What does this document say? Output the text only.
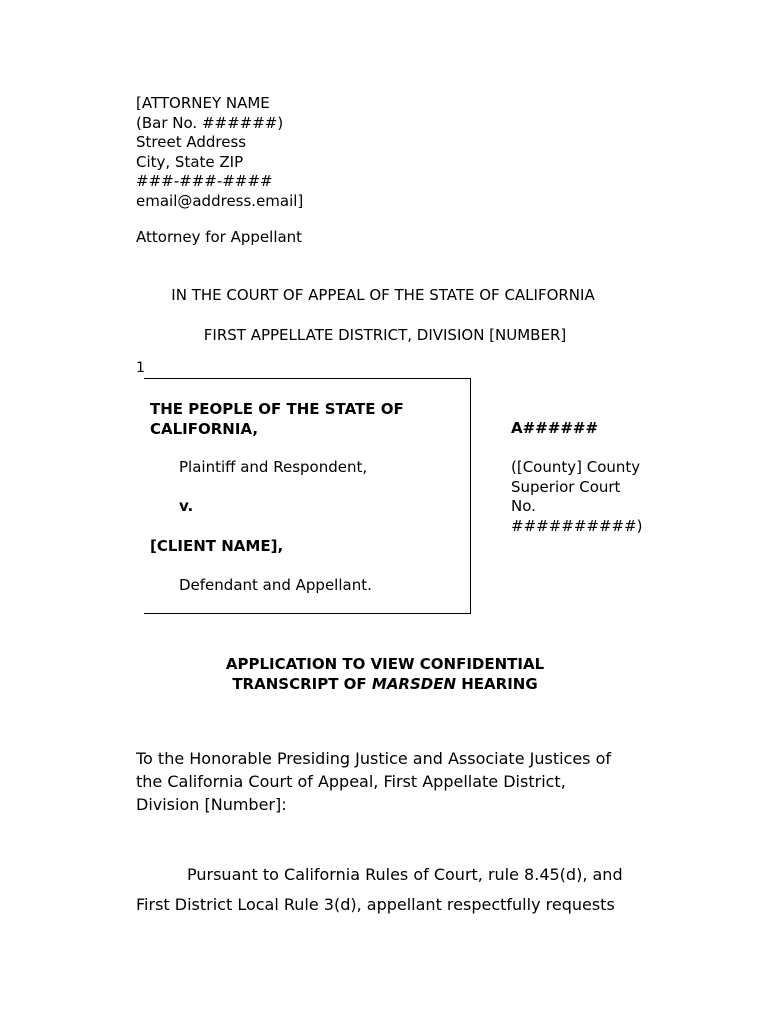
[ATTORNEY NAME
(Bar No. ######)
Street Address
City, State ZIP
###-###-####
email@address.email]
Attorney for Appellant
IN THE COURT OF APPEAL OF THE STATE OF CALIFORNIA
FIRST APPELLATE DISTRICT, DIVISION [NUMBER]
1
THE PEOPLE OF THE STATE OF
CALIFORNIA,
Plaintiff and Respondent,
v.
[CLIENT NAME],
Defendant and Appellant.
A######
([County] County
Superior Court
No.
##########)
APPLICATION TO VIEW CONFIDENTIAL
TRANSCRIPT OF MARSDEN HEARING
To the Honorable Presiding Justice and Associate Justices of
the California Court of Appeal, First Appellate District,
Division [Number]:
Pursuant to California Rules of Court, rule 8.45(d), and
First District Local Rule 3(d), appellant respectfully requests
